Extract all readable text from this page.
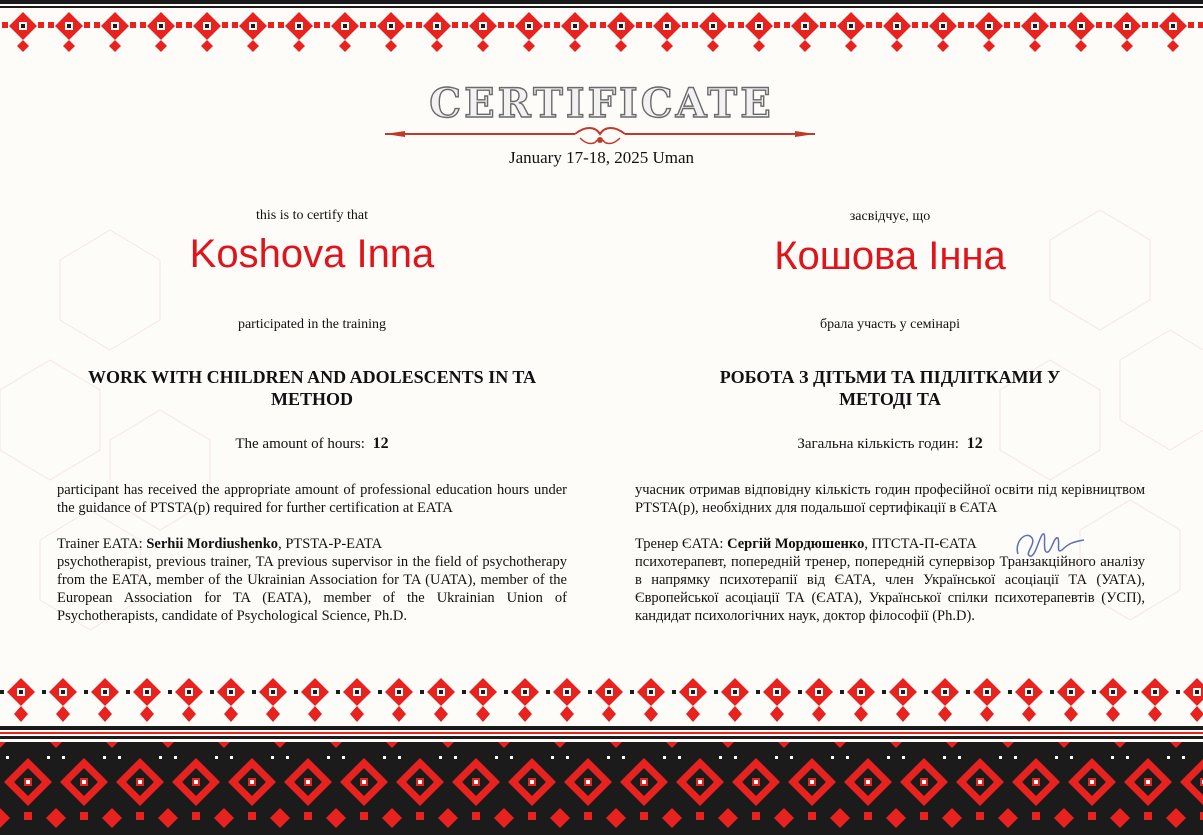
CERTIFICATE
January 17-18, 2025 Uman
this is to certify that
Koshova Inna
participated in the training
WORK WITH CHILDREN AND ADOLESCENTS IN TA
METHOD
The amount of hours: 12
participant has received the appropriate amount of professional education hours under the guidance of PTSTA(p) required for further certification at EATA
Trainer EATA: Serhii Mordiushenko, PTSTA-P-EATA
psychotherapist, previous trainer, TA previous supervisor in the field of psychotherapy from the EATA, member of the Ukrainian Association for TA (UATA), member of the European Association for TA (EATA), member of the Ukrainian Union of Psychotherapists, candidate of Psychological Science, Ph.D.
засвідчує, що
Кошова Інна
брала участь у семінарі
РОБОТА З ДІТЬМИ ТА ПІДЛІТКАМИ У
МЕТОДІ ТА
Загальна кількість годин: 12
учасник отримав відповідну кількість годин професійної освіти під керівництвом PTSTA(p), необхідних для подальшої сертифікації в ЄАТА
Тренер ЄАТА: Сергій Мордюшенко, ПТСТА-П-ЄАТА
психотерапевт, попередній тренер, попередній супервізор Транзакційного аналізу в напрямку психотерапії від ЄАТА, член Української асоціації ТА (УАТА), Європейської асоціації ТА (ЄАТА), Української спілки психотерапевтів (УСП), кандидат психологічних наук, доктор філософії (Ph.D).
